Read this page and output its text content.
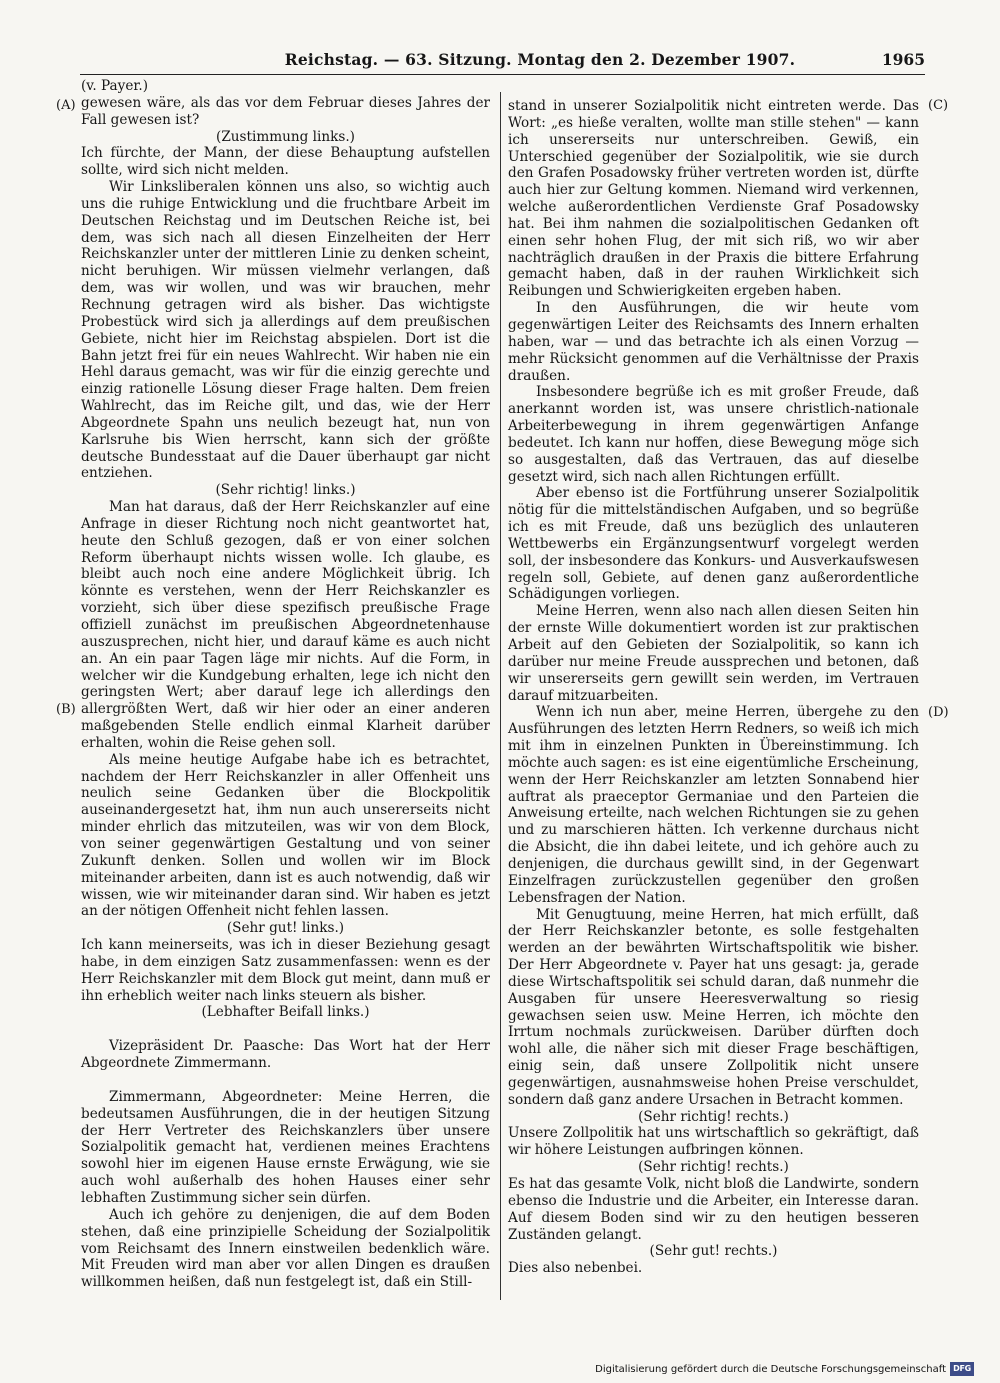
Reichstag. — 63. Sitzung. Montag den 2. Dezember 1907.	1965
(A)
(B)
(C)
(D)

(v. Payer.)

gewesen wäre, als das vor dem Februar dieses Jahres der Fall gewesen ist?

(Zustimmung links.)

Ich fürchte, der Mann, der diese Behauptung aufstellen sollte, wird sich nicht melden.

Wir Linksliberalen können uns also, so wichtig auch uns die ruhige Entwicklung und die fruchtbare Arbeit im Deutschen Reichstag und im Deutschen Reiche ist, bei dem, was sich nach all diesen Einzelheiten der Herr Reichskanzler unter der mittleren Linie zu denken scheint, nicht beruhigen. Wir müssen vielmehr verlangen, daß dem, was wir wollen, und was wir brauchen, mehr Rechnung getragen wird als bisher. Das wichtigste Probestück wird sich ja allerdings auf dem preußischen Gebiete, nicht hier im Reichstag abspielen. Dort ist die Bahn jetzt frei für ein neues Wahlrecht. Wir haben nie ein Hehl daraus gemacht, was wir für die einzig gerechte und einzig rationelle Lösung dieser Frage halten. Dem freien Wahlrecht, das im Reiche gilt, und das, wie der Herr Abgeordnete Spahn uns neulich bezeugt hat, nun von Karlsruhe bis Wien herrscht, kann sich der größte deutsche Bundesstaat auf die Dauer überhaupt gar nicht entziehen.

(Sehr richtig! links.)

Man hat daraus, daß der Herr Reichskanzler auf eine Anfrage in dieser Richtung noch nicht geantwortet hat, heute den Schluß gezogen, daß er von einer solchen Reform überhaupt nichts wissen wolle. Ich glaube, es bleibt auch noch eine andere Möglichkeit übrig. Ich könnte es verstehen, wenn der Herr Reichskanzler es vorzieht, sich über diese spezifisch preußische Frage offiziell zunächst im preußischen Abgeordnetenhause auszusprechen, nicht hier, und darauf käme es auch nicht an. An ein paar Tagen läge mir nichts. Auf die Form, in welcher wir die Kundgebung erhalten, lege ich nicht den geringsten Wert; aber darauf lege ich allerdings den allergrößten Wert, daß wir hier oder an einer anderen maßgebenden Stelle endlich einmal Klarheit darüber erhalten, wohin die Reise gehen soll.

Als meine heutige Aufgabe habe ich es betrachtet, nachdem der Herr Reichskanzler in aller Offenheit uns neulich seine Gedanken über die Blockpolitik auseinandergesetzt hat, ihm nun auch unsererseits nicht minder ehrlich das mitzuteilen, was wir von dem Block, von seiner gegenwärtigen Gestaltung und von seiner Zukunft denken. Sollen und wollen wir im Block miteinander arbeiten, dann ist es auch notwendig, daß wir wissen, wie wir miteinander daran sind. Wir haben es jetzt an der nötigen Offenheit nicht fehlen lassen.

(Sehr gut! links.)

Ich kann meinerseits, was ich in dieser Beziehung gesagt habe, in dem einzigen Satz zusammenfassen: wenn es der Herr Reichskanzler mit dem Block gut meint, dann muß er ihn erheblich weiter nach links steuern als bisher.

(Lebhafter Beifall links.)

Vizepräsident Dr. Paasche: Das Wort hat der Herr Abgeordnete Zimmermann.

Zimmermann, Abgeordneter: Meine Herren, die bedeutsamen Ausführungen, die in der heutigen Sitzung der Herr Vertreter des Reichskanzlers über unsere Sozialpolitik gemacht hat, verdienen meines Erachtens sowohl hier im eigenen Hause ernste Erwägung, wie sie auch wohl außerhalb des hohen Hauses einer sehr lebhaften Zustimmung sicher sein dürfen.

Auch ich gehöre zu denjenigen, die auf dem Boden stehen, daß eine prinzipielle Scheidung der Sozialpolitik vom Reichsamt des Innern einstweilen bedenklich wäre. Mit Freuden wird man aber vor allen Dingen es draußen willkommen heißen, daß nun festgelegt ist, daß ein Still-

stand in unserer Sozialpolitik nicht eintreten werde. Das Wort: „es hieße veralten, wollte man stille stehen" — kann ich unsererseits nur unterschreiben. Gewiß, ein Unterschied gegenüber der Sozialpolitik, wie sie durch den Grafen Posadowsky früher vertreten worden ist, dürfte auch hier zur Geltung kommen. Niemand wird verkennen, welche außerordentlichen Verdienste Graf Posadowsky hat. Bei ihm nahmen die sozialpolitischen Gedanken oft einen sehr hohen Flug, der mit sich riß, wo wir aber nachträglich draußen in der Praxis die bittere Erfahrung gemacht haben, daß in der rauhen Wirklichkeit sich Reibungen und Schwierigkeiten ergeben haben.

In den Ausführungen, die wir heute vom gegenwärtigen Leiter des Reichsamts des Innern erhalten haben, war — und das betrachte ich als einen Vorzug — mehr Rücksicht genommen auf die Verhältnisse der Praxis draußen.

Insbesondere begrüße ich es mit großer Freude, daß anerkannt worden ist, was unsere christlich-nationale Arbeiterbewegung in ihrem gegenwärtigen Anfange bedeutet. Ich kann nur hoffen, diese Bewegung möge sich so ausgestalten, daß das Vertrauen, das auf dieselbe gesetzt wird, sich nach allen Richtungen erfüllt.

Aber ebenso ist die Fortführung unserer Sozialpolitik nötig für die mittelständischen Aufgaben, und so begrüße ich es mit Freude, daß uns bezüglich des unlauteren Wettbewerbs ein Ergänzungsentwurf vorgelegt werden soll, der insbesondere das Konkurs- und Ausverkaufswesen regeln soll, Gebiete, auf denen ganz außerordentliche Schädigungen vorliegen.

Meine Herren, wenn also nach allen diesen Seiten hin der ernste Wille dokumentiert worden ist zur praktischen Arbeit auf den Gebieten der Sozialpolitik, so kann ich darüber nur meine Freude aussprechen und betonen, daß wir unsererseits gern gewillt sein werden, im Vertrauen darauf mitzuarbeiten.

Wenn ich nun aber, meine Herren, übergehe zu den Ausführungen des letzten Herrn Redners, so weiß ich mich mit ihm in einzelnen Punkten in Übereinstimmung. Ich möchte auch sagen: es ist eine eigentümliche Erscheinung, wenn der Herr Reichskanzler am letzten Sonnabend hier auftrat als praeceptor Germaniae und den Parteien die Anweisung erteilte, nach welchen Richtungen sie zu gehen und zu marschieren hätten. Ich verkenne durchaus nicht die Absicht, die ihn dabei leitete, und ich gehöre auch zu denjenigen, die durchaus gewillt sind, in der Gegenwart Einzelfragen zurückzustellen gegenüber den großen Lebensfragen der Nation.

Mit Genugtuung, meine Herren, hat mich erfüllt, daß der Herr Reichskanzler betonte, es solle festgehalten werden an der bewährten Wirtschaftspolitik wie bisher. Der Herr Abgeordnete v. Payer hat uns gesagt: ja, gerade diese Wirtschaftspolitik sei schuld daran, daß nunmehr die Ausgaben für unsere Heeresverwaltung so riesig gewachsen seien usw. Meine Herren, ich möchte den Irrtum nochmals zurückweisen. Darüber dürften doch wohl alle, die näher sich mit dieser Frage beschäftigen, einig sein, daß unsere Zollpolitik nicht unsere gegenwärtigen, ausnahmsweise hohen Preise verschuldet, sondern daß ganz andere Ursachen in Betracht kommen.

(Sehr richtig! rechts.)

Unsere Zollpolitik hat uns wirtschaftlich so gekräftigt, daß wir höhere Leistungen aufbringen können.

(Sehr richtig! rechts.)

Es hat das gesamte Volk, nicht bloß die Landwirte, sondern ebenso die Industrie und die Arbeiter, ein Interesse daran. Auf diesem Boden sind wir zu den heutigen besseren Zuständen gelangt.

(Sehr gut! rechts.)

Dies also nebenbei.

Digitalisierung gefördert durch die Deutsche Forschungsgemeinschaft DFG
